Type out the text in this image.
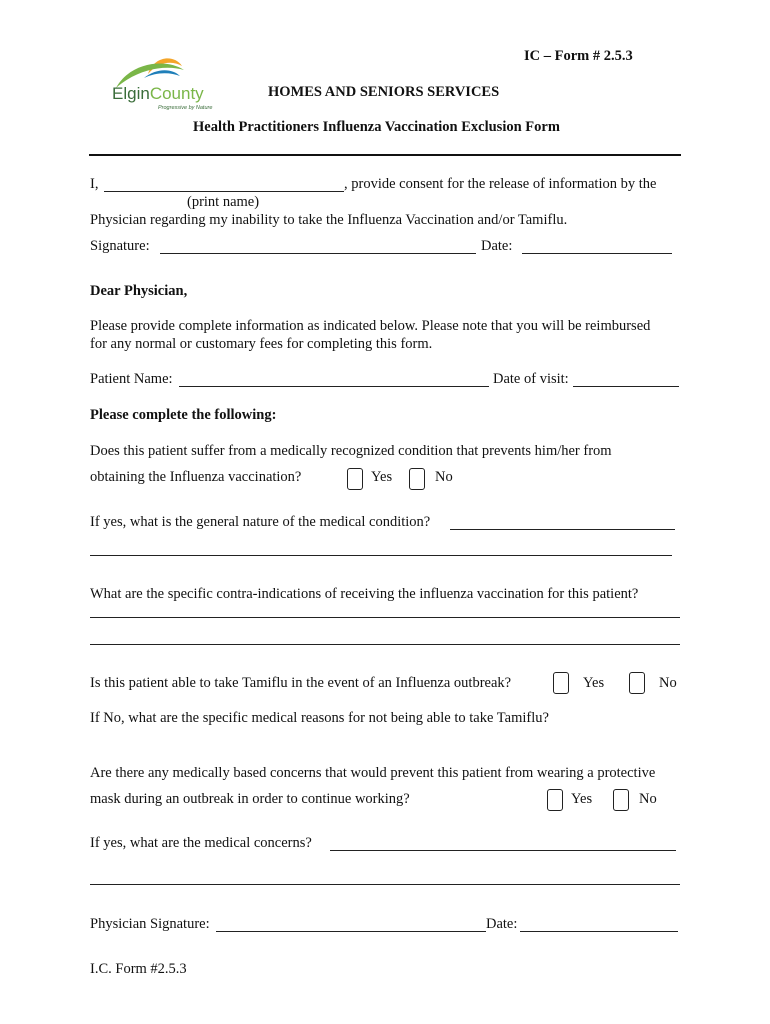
ElginCounty
Progressive by Nature
IC – Form # 2.5.3
HOMES AND SENIORS SERVICES
Health Practitioners Influenza Vaccination Exclusion Form
I,	, provide consent for the release of information by the
(print name)
Physician regarding my inability to take the Influenza Vaccination and/or Tamiflu.
Signature:	Date:
Dear Physician,
Please provide complete information as indicated below. Please note that you will be reimbursed
for any normal or customary fees for completing this form.
Patient Name:	Date of visit:
Please complete the following:
Does this patient suffer from a medically recognized condition that prevents him/her from
obtaining the Influenza vaccination?	Yes	No
If yes, what is the general nature of the medical condition?
What are the specific contra-indications of receiving the influenza vaccination for this patient?
Is this patient able to take Tamiflu in the event of an Influenza outbreak?	Yes	No
If No, what are the specific medical reasons for not being able to take Tamiflu?
Are there any medically based concerns that would prevent this patient from wearing a protective
mask during an outbreak in order to continue working?	Yes	No
If yes, what are the medical concerns?
Physician Signature:	Date:
I.C. Form #2.5.3
